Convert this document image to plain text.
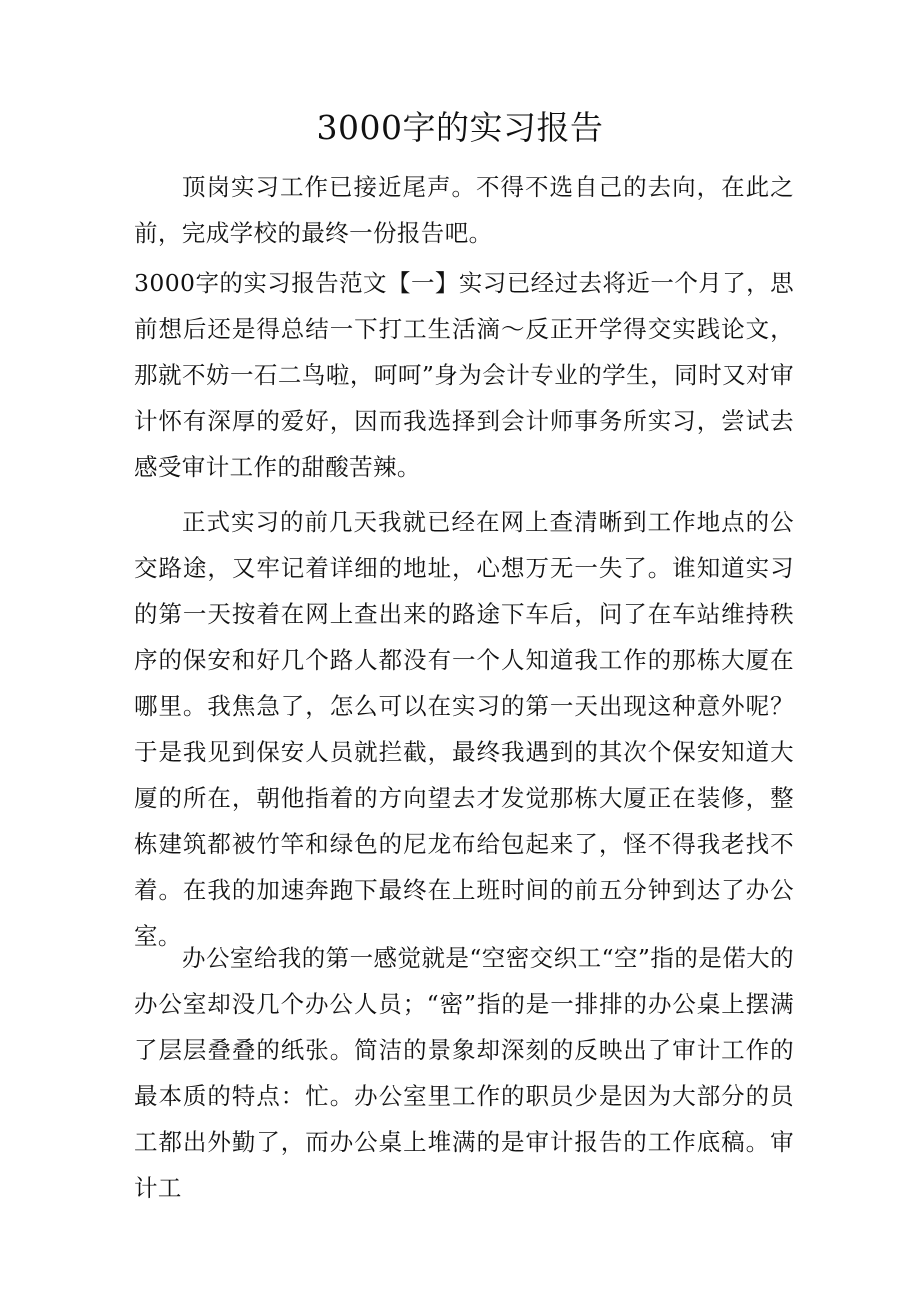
3000字的实习报告
顶岗实习工作已接近尾声。不得不选自己的去向，在此之前，完成学校的最终一份报告吧。
3000字的实习报告范文【一】实习已经过去将近一个月了，思前想后还是得总结一下打工生活滴～反正开学得交实践论文，那就不妨一石二鸟啦，呵呵”身为会计专业的学生，同时又对审计怀有深厚的爱好，因而我选择到会计师事务所实习，尝试去感受审计工作的甜酸苦辣。
正式实习的前几天我就已经在网上查清晰到工作地点的公交路途，又牢记着详细的地址，心想万无一失了。谁知道实习的第一天按着在网上查出来的路途下车后，问了在车站维持秩序的保安和好几个路人都没有一个人知道我工作的那栋大厦在哪里。我焦急了，怎么可以在实习的第一天出现这种意外呢？于是我见到保安人员就拦截，最终我遇到的其次个保安知道大厦的所在，朝他指着的方向望去才发觉那栋大厦正在装修，整栋建筑都被竹竿和绿色的尼龙布给包起来了，怪不得我老找不着。在我的加速奔跑下最终在上班时间的前五分钟到达了办公室。
办公室给我的第一感觉就是“空密交织工“空”指的是偌大的办公室却没几个办公人员；“密”指的是一排排的办公桌上摆满了层层叠叠的纸张。简洁的景象却深刻的反映出了审计工作的最本质的特点：忙。办公室里工作的职员少是因为大部分的员工都出外勤了，而办公桌上堆满的是审计报告的工作底稿。审计工
